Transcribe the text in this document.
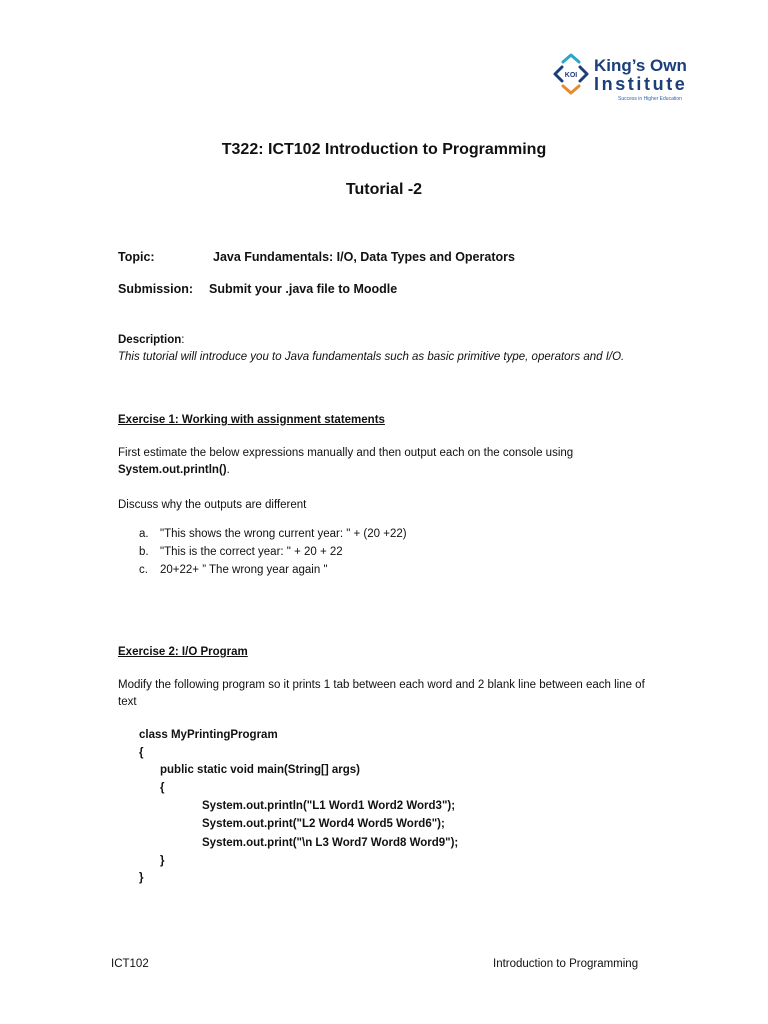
KOI
King’s Own
Institute
Success in Higher Education
T322: ICT102 Introduction to Programming
Tutorial -2
Topic:	Java Fundamentals: I/O, Data Types and Operators
Submission: Submit your .java file to Moodle
Description:
This tutorial will introduce you to Java fundamentals such as basic primitive type, operators and I/O.
Exercise 1: Working with assignment statements
First estimate the below expressions manually and then output each on the console using
System.out.println().
Discuss why the outputs are different
a. "This shows the wrong current year: " + (20 +22)
b. "This is the correct year: " + 20 + 22
c. 20+22+ ” The wrong year again "
Exercise 2: I/O Program
Modify the following program so it prints 1 tab between each word and 2 blank line between each line of text
class MyPrintingProgram
{
public static void main(String[] args)
{
System.out.println("L1 Word1 Word2 Word3");
System.out.print("L2 Word4 Word5 Word6");
System.out.print("\n L3 Word7 Word8 Word9");
}
}
ICT102	Introduction to Programming
